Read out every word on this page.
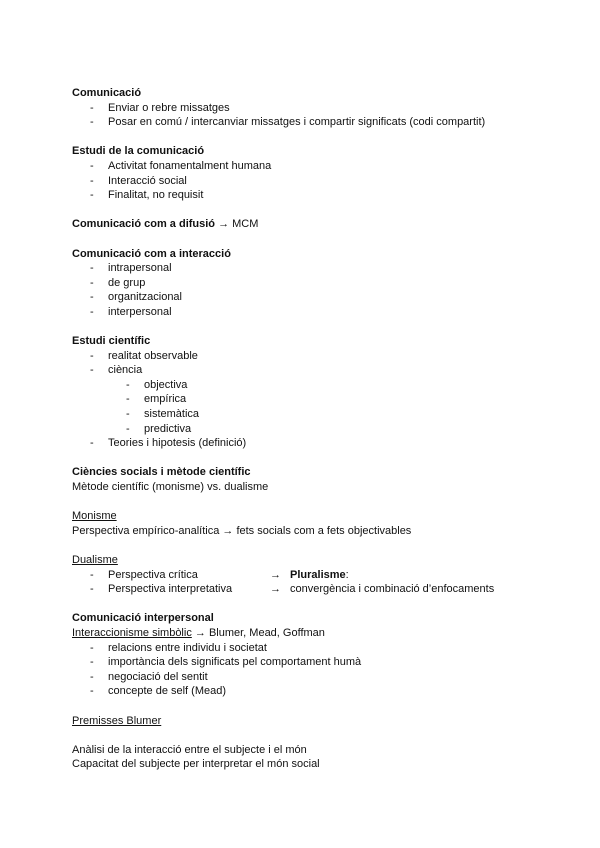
Comunicació
- Enviar o rebre missatges
- Posar en comú / intercanviar missatges i compartir significats (codi compartit)
Estudi de la comunicació
- Activitat fonamentalment humana
- Interacció social
- Finalitat, no requisit
Comunicació com a difusió → MCM
Comunicació com a interacció
- intrapersonal
- de grup
- organitzacional
- interpersonal
Estudi científic
- realitat observable
- ciència
- objectiva
- empírica
- sistemàtica
- predictiva
- Teories i hipotesis (definició)
Ciències socials i mètode científic
Mètode científic (monisme) vs. dualisme
Monisme
Perspectiva empírico-analítica → fets socials com a fets objectivables
Dualisme
- Perspectiva crítica	→ Pluralisme:
- Perspectiva interpretativa	→ convergència i combinació d’enfocaments
Comunicació interpersonal
Interaccionisme simbòlic → Blumer, Mead, Goffman
- relacions entre individu i societat
- importància dels significats pel comportament humà
- negociació del sentit
- concepte de self (Mead)
Premisses Blumer
Anàlisi de la interacció entre el subjecte i el món
Capacitat del subjecte per interpretar el món social
